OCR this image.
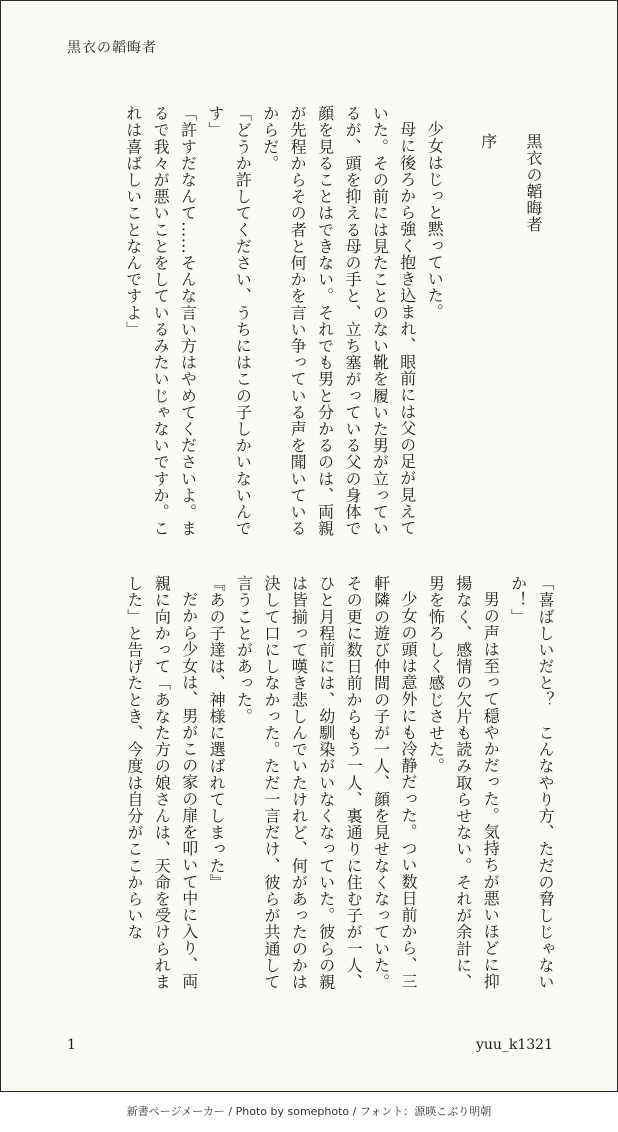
黒衣の韜晦者

黒衣の韜晦者

序

少女はじっと黙っていた。

母に後ろから強く抱き込まれ、眼前には父の足が見えていた。その前には見たことのない靴を履いた男が立っているが、頭を抑える母の手と、立ち塞がっている父の身体で顔を見ることはできない。それでも男と分かるのは、両親が先程からその者と何かを言い争っている声を聞いているからだ。

「どうか許してください、うちにはこの子しかいないんです」

「許すだなんて……そんな言い方はやめてくださいよ。まるで我々が悪いことをしているみたいじゃないですか。これは喜ばしいことなんですよ」

「喜ばしいだと？　こんなやり方、ただの脅しじゃないか！」

男の声は至って穏やかだった。気持ちが悪いほどに抑揚なく、感情の欠片も読み取らせない。それが余計に、男を怖ろしく感じさせた。

少女の頭は意外にも冷静だった。つい数日前から、三軒隣の遊び仲間の子が一人、顔を見せなくなっていた。その更に数日前からもう一人、裏通りに住む子が一人、ひと月程前には、幼馴染がいなくなっていた。彼らの親は皆揃って嘆き悲しんでいたけれど、何があったのかは決して口にしなかった。ただ一言だけ、彼らが共通して言うことがあった。

『あの子達は、神様に選ばれてしまった』

だから少女は、男がこの家の扉を叩いて中に入り、両親に向かって「あなた方の娘さんは、天命を受けられました」と告げたとき、今度は自分がここからいな

1	yuu_k1321
新書ページメーカー / Photo by somephoto / フォント：源暎こぶり明朝
